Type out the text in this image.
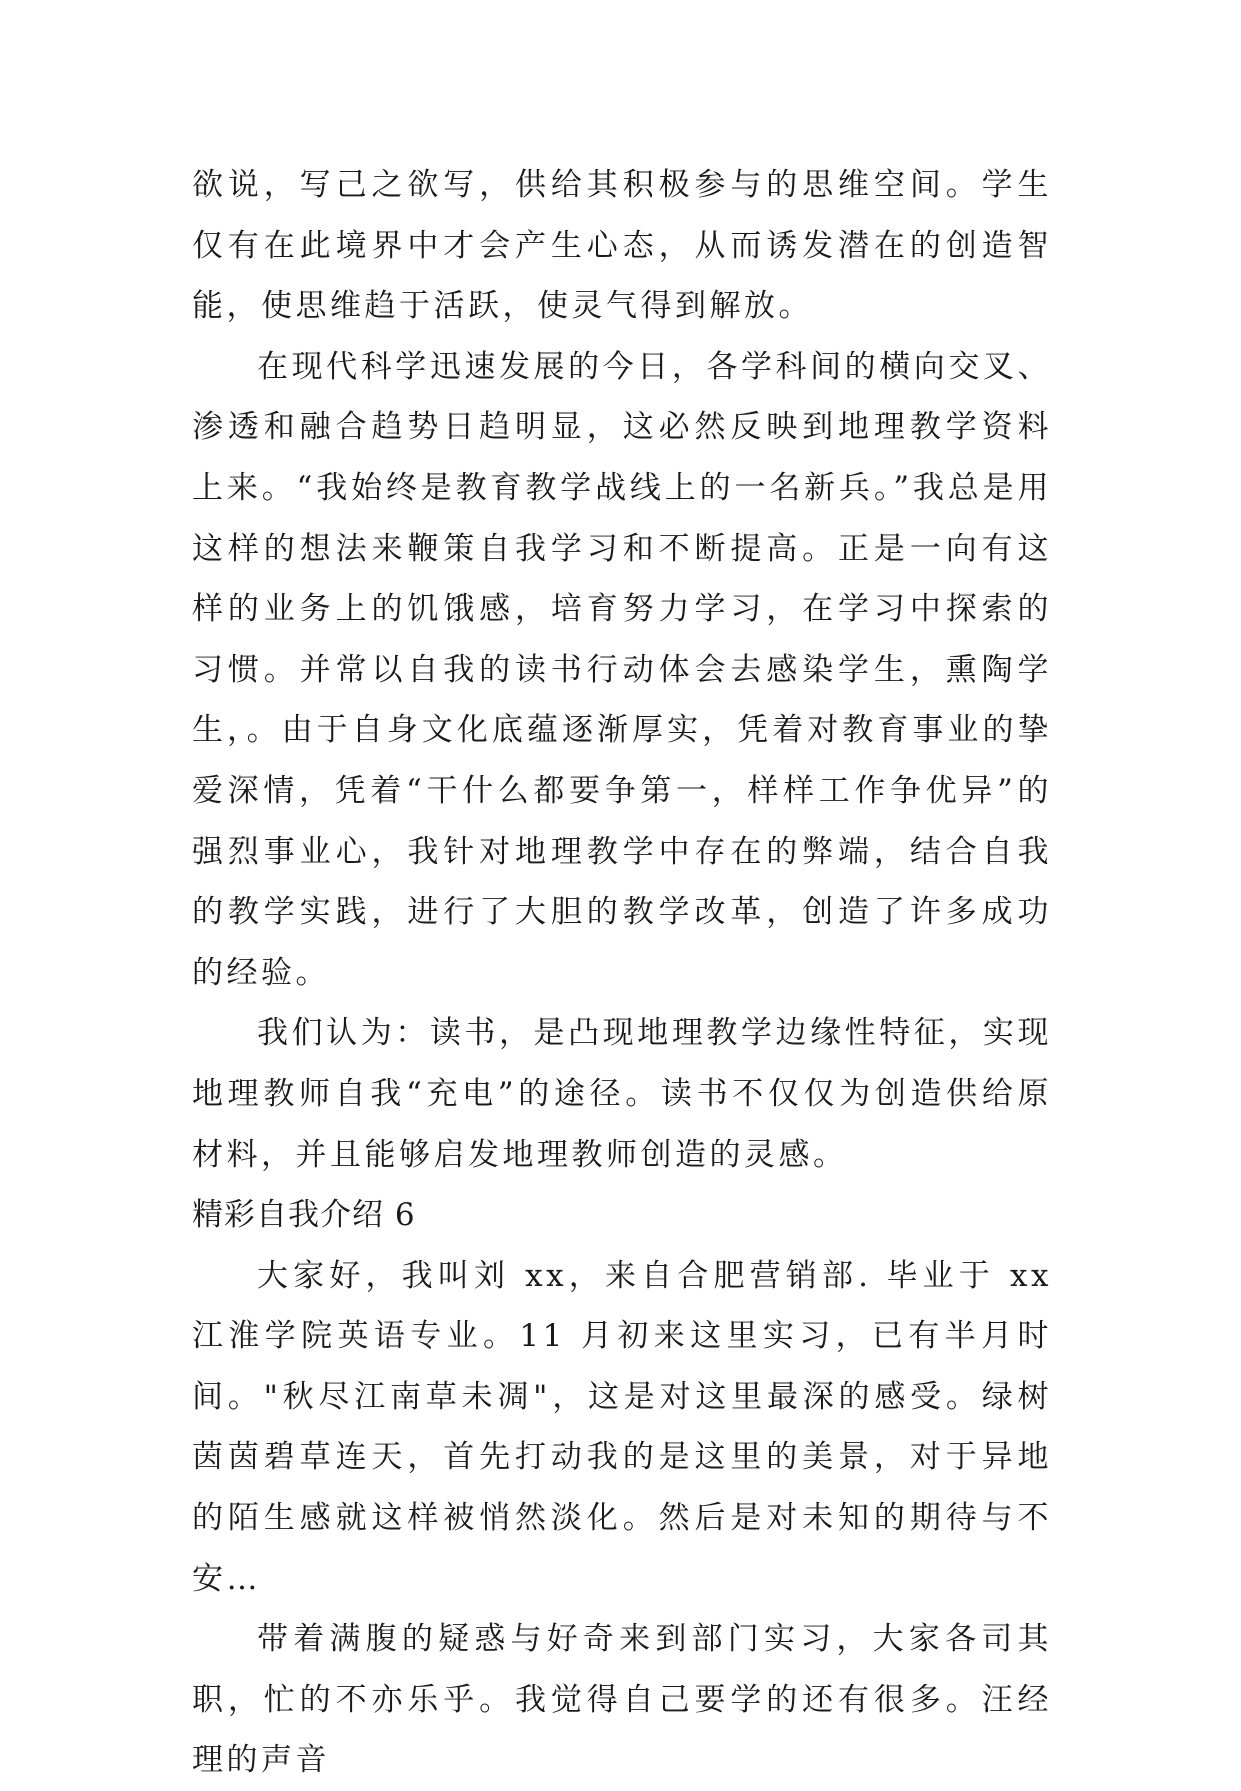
欲说，写己之欲写，供给其积极参与的思维空间。学生仅有在此境界中才会产生心态，从而诱发潜在的创造智能，使思维趋于活跃，使灵气得到解放。

在现代科学迅速发展的今日，各学科间的横向交叉、渗透和融合趋势日趋明显，这必然反映到地理教学资料上来。“我始终是教育教学战线上的一名新兵。”我总是用这样的想法来鞭策自我学习和不断提高。正是一向有这样的业务上的饥饿感，培育努力学习，在学习中探索的习惯。并常以自我的读书行动体会去感染学生，熏陶学生，。由于自身文化底蕴逐渐厚实，凭着对教育事业的挚爱深情，凭着“干什么都要争第一，样样工作争优异”的强烈事业心，我针对地理教学中存在的弊端，结合自我的教学实践，进行了大胆的教学改革，创造了许多成功的经验。

我们认为：读书，是凸现地理教学边缘性特征，实现地理教师自我“充电”的途径。读书不仅仅为创造供给原材料，并且能够启发地理教师创造的灵感。

精彩自我介绍 6

大家好，我叫刘 xx，来自合肥营销部. 毕业于 xx 江淮学院英语专业。11 月初来这里实习，已有半月时间。"秋尽江南草未凋"，这是对这里最深的感受。绿树茵茵碧草连天，首先打动我的是这里的美景，对于异地的陌生感就这样被悄然淡化。然后是对未知的期待与不安…

带着满腹的疑惑与好奇来到部门实习，大家各司其职，忙的不亦乐乎。我觉得自己要学的还有很多。汪经理的声音
